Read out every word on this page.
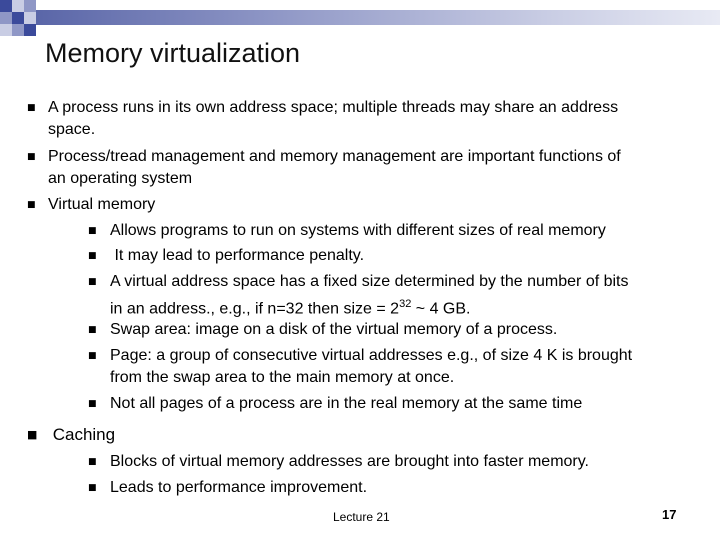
Memory virtualization
■ A process runs in its own address space; multiple threads may share an address
space.
■ Process/tread management and memory management are important functions of
an operating system
■ Virtual memory
■ Allows programs to run on systems with different sizes of real memory
■ It may lead to performance penalty.
■ A virtual address space has a fixed size determined by the number of bits
in an address., e.g., if n=32 then size = $2^{32}$ ~ 4 GB.
■ Swap area: image on a disk of the virtual memory of a process.
■ Page: a group of consecutive virtual addresses e.g., of size 4 K is brought
from the swap area to the main memory at once.
■ Not all pages of a process are in the real memory at the same time
■ Caching
■ Blocks of virtual memory addresses are brought into faster memory.
■ Leads to performance improvement.
Lecture 21	17
